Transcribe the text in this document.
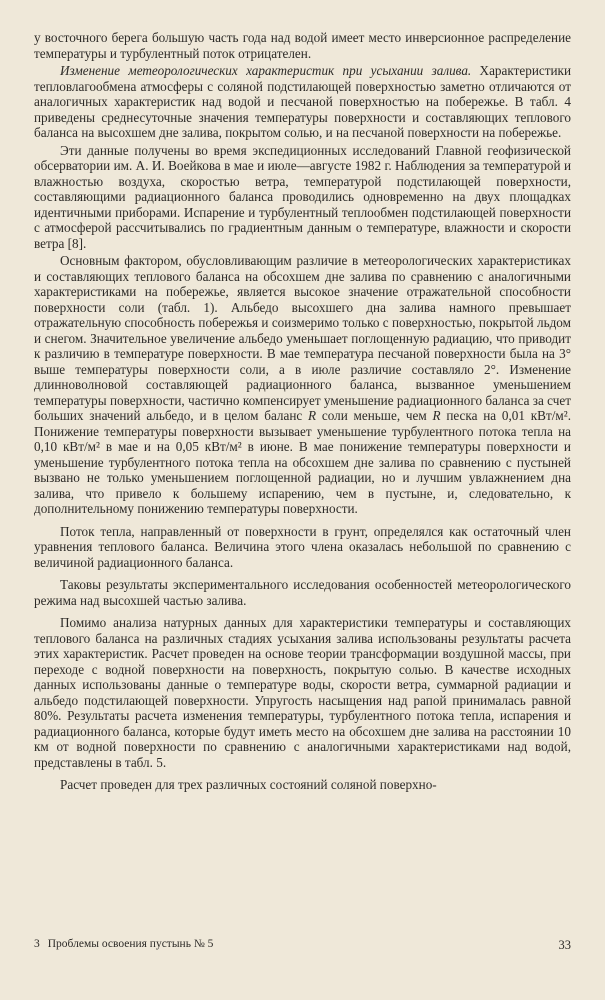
у восточного берега большую часть года над водой имеет место инверсионное распределение температуры и турбулентный поток отрицателен.

Изменение метеорологических характеристик при усыхании залива. Характеристики тепловлагообмена атмосферы с соляной подстилающей поверхностью заметно отличаются от аналогичных характеристик над водой и песчаной поверхностью на побережье. В табл. 4 приведены среднесуточные значения температуры поверхности и составляющих теплового баланса на высохшем дне залива, покрытом солью, и на песчаной поверхности на побережье.

Эти данные получены во время экспедиционных исследований Главной геофизической обсерватории им. А. И. Воейкова в мае и июле—августе 1982 г. Наблюдения за температурой и влажностью воздуха, скоростью ветра, температурой подстилающей поверхности, составляющими радиационного баланса проводились одновременно на двух площадках идентичными приборами. Испарение и турбулентный теплообмен подстилающей поверхности с атмосферой рассчитывались по градиентным данным о температуре, влажности и скорости ветра [8].

Основным фактором, обусловливающим различие в метеорологических характеристиках и составляющих теплового баланса на обсохшем дне залива по сравнению с аналогичными характеристиками на побережье, является высокое значение отражательной способности поверхности соли (табл. 1). Альбедо высохшего дна залива намного превышает отражательную способность побережья и соизмеримо только с поверхностью, покрытой льдом и снегом. Значительное увеличение альбедо уменьшает поглощенную радиацию, что приводит к различию в температуре поверхности. В мае температура песчаной поверхности была на 3° выше температуры поверхности соли, а в июле различие составляло 2°. Изменение длинноволновой составляющей радиационного баланса, вызванное уменьшением температуры поверхности, частично компенсирует уменьшение радиационного баланса за счет больших значений альбедо, и в целом баланс R соли меньше, чем R песка на 0,01 кВт/м². Понижение температуры поверхности вызывает уменьшение турбулентного потока тепла на 0,10 кВт/м² в мае и на 0,05 кВт/м² в июне. В мае понижение температуры поверхности и уменьшение турбулентного потока тепла на обсохшем дне залива по сравнению с пустыней вызвано не только уменьшением поглощенной радиации, но и лучшим увлажнением дна залива, что привело к большему испарению, чем в пустыне, и, следовательно, к дополнительному понижению температуры поверхности.

Поток тепла, направленный от поверхности в грунт, определялся как остаточный член уравнения теплового баланса. Величина этого члена оказалась небольшой по сравнению с величиной радиационного баланса.

Таковы результаты экспериментального исследования особенностей метеорологического режима над высохшей частью залива.

Помимо анализа натурных данных для характеристики температуры и составляющих теплового баланса на различных стадиях усыхания залива использованы результаты расчета этих характеристик. Расчет проведен на основе теории трансформации воздушной массы, при переходе с водной поверхности на поверхность, покрытую солью. В качестве исходных данных использованы данные о температуре воды, скорости ветра, суммарной радиации и альбедо подстилающей поверхности. Упругость насыщения над рапой принималась равной 80%. Результаты расчета изменения температуры, турбулентного потока тепла, испарения и радиационного баланса, которые будут иметь место на обсохшем дне залива на расстоянии 10 км от водной поверхности по сравнению с аналогичными характеристиками над водой, представлены в табл. 5.

Расчет проведен для трех различных состояний соляной поверхно-

3 Проблемы освоения пустынь № 5	33
